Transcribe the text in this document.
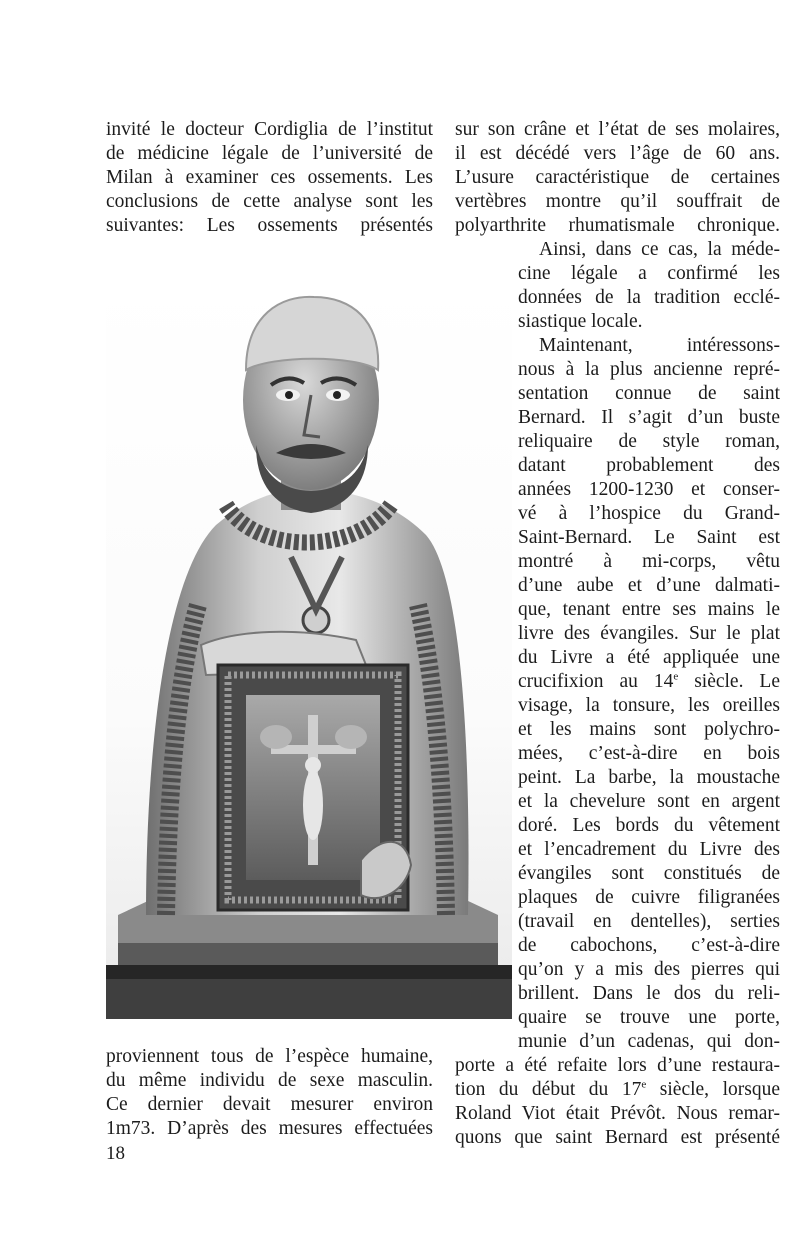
invité le docteur Cordiglia de l’institut
de médicine légale de l’université de
Milan à examiner ces ossements. Les
conclusions de cette analyse sont les
suivantes: Les ossements présentés
sur son crâne et l’état de ses molaires,
il est décédé vers l’âge de 60 ans.
L’usure caractéristique de certaines
vertèbres montre qu’il souffrait de
polyarthrite rhumatismale chronique.
Ainsi, dans ce cas, la méde-
cine légale a confirmé les
données de la tradition ecclé-
siastique locale.
Maintenant, intéressons-
nous à la plus ancienne repré-
sentation connue de saint
Bernard. Il s’agit d’un buste
reliquaire de style roman,
datant probablement des
années 1200-1230 et conser-
vé à l’hospice du Grand-
Saint-Bernard. Le Saint est
montré à mi-corps, vêtu
d’une aube et d’une dalmati-
que, tenant entre ses mains le
livre des évangiles. Sur le plat
du Livre a été appliquée une
crucifixion au 14e siècle. Le
visage, la tonsure, les oreilles
et les mains sont polychro-
mées, c’est-à-dire en bois
peint. La barbe, la moustache
et la chevelure sont en argent
doré. Les bords du vêtement
et l’encadrement du Livre des
évangiles sont constitués de
plaques de cuivre filigranées
(travail en dentelles), serties
de cabochons, c’est-à-dire
qu’on y a mis des pierres qui
brillent. Dans le dos du reli-
quaire se trouve une porte,
munie d’un cadenas, qui don-
proviennent tous de l’espèce humaine,
du même individu de sexe masculin.
Ce dernier devait mesurer environ
1m73. D’après des mesures effectuées
porte a été refaite lors d’une restaura-
tion du début du 17e siècle, lorsque
Roland Viot était Prévôt. Nous remar-
quons que saint Bernard est présenté
18
